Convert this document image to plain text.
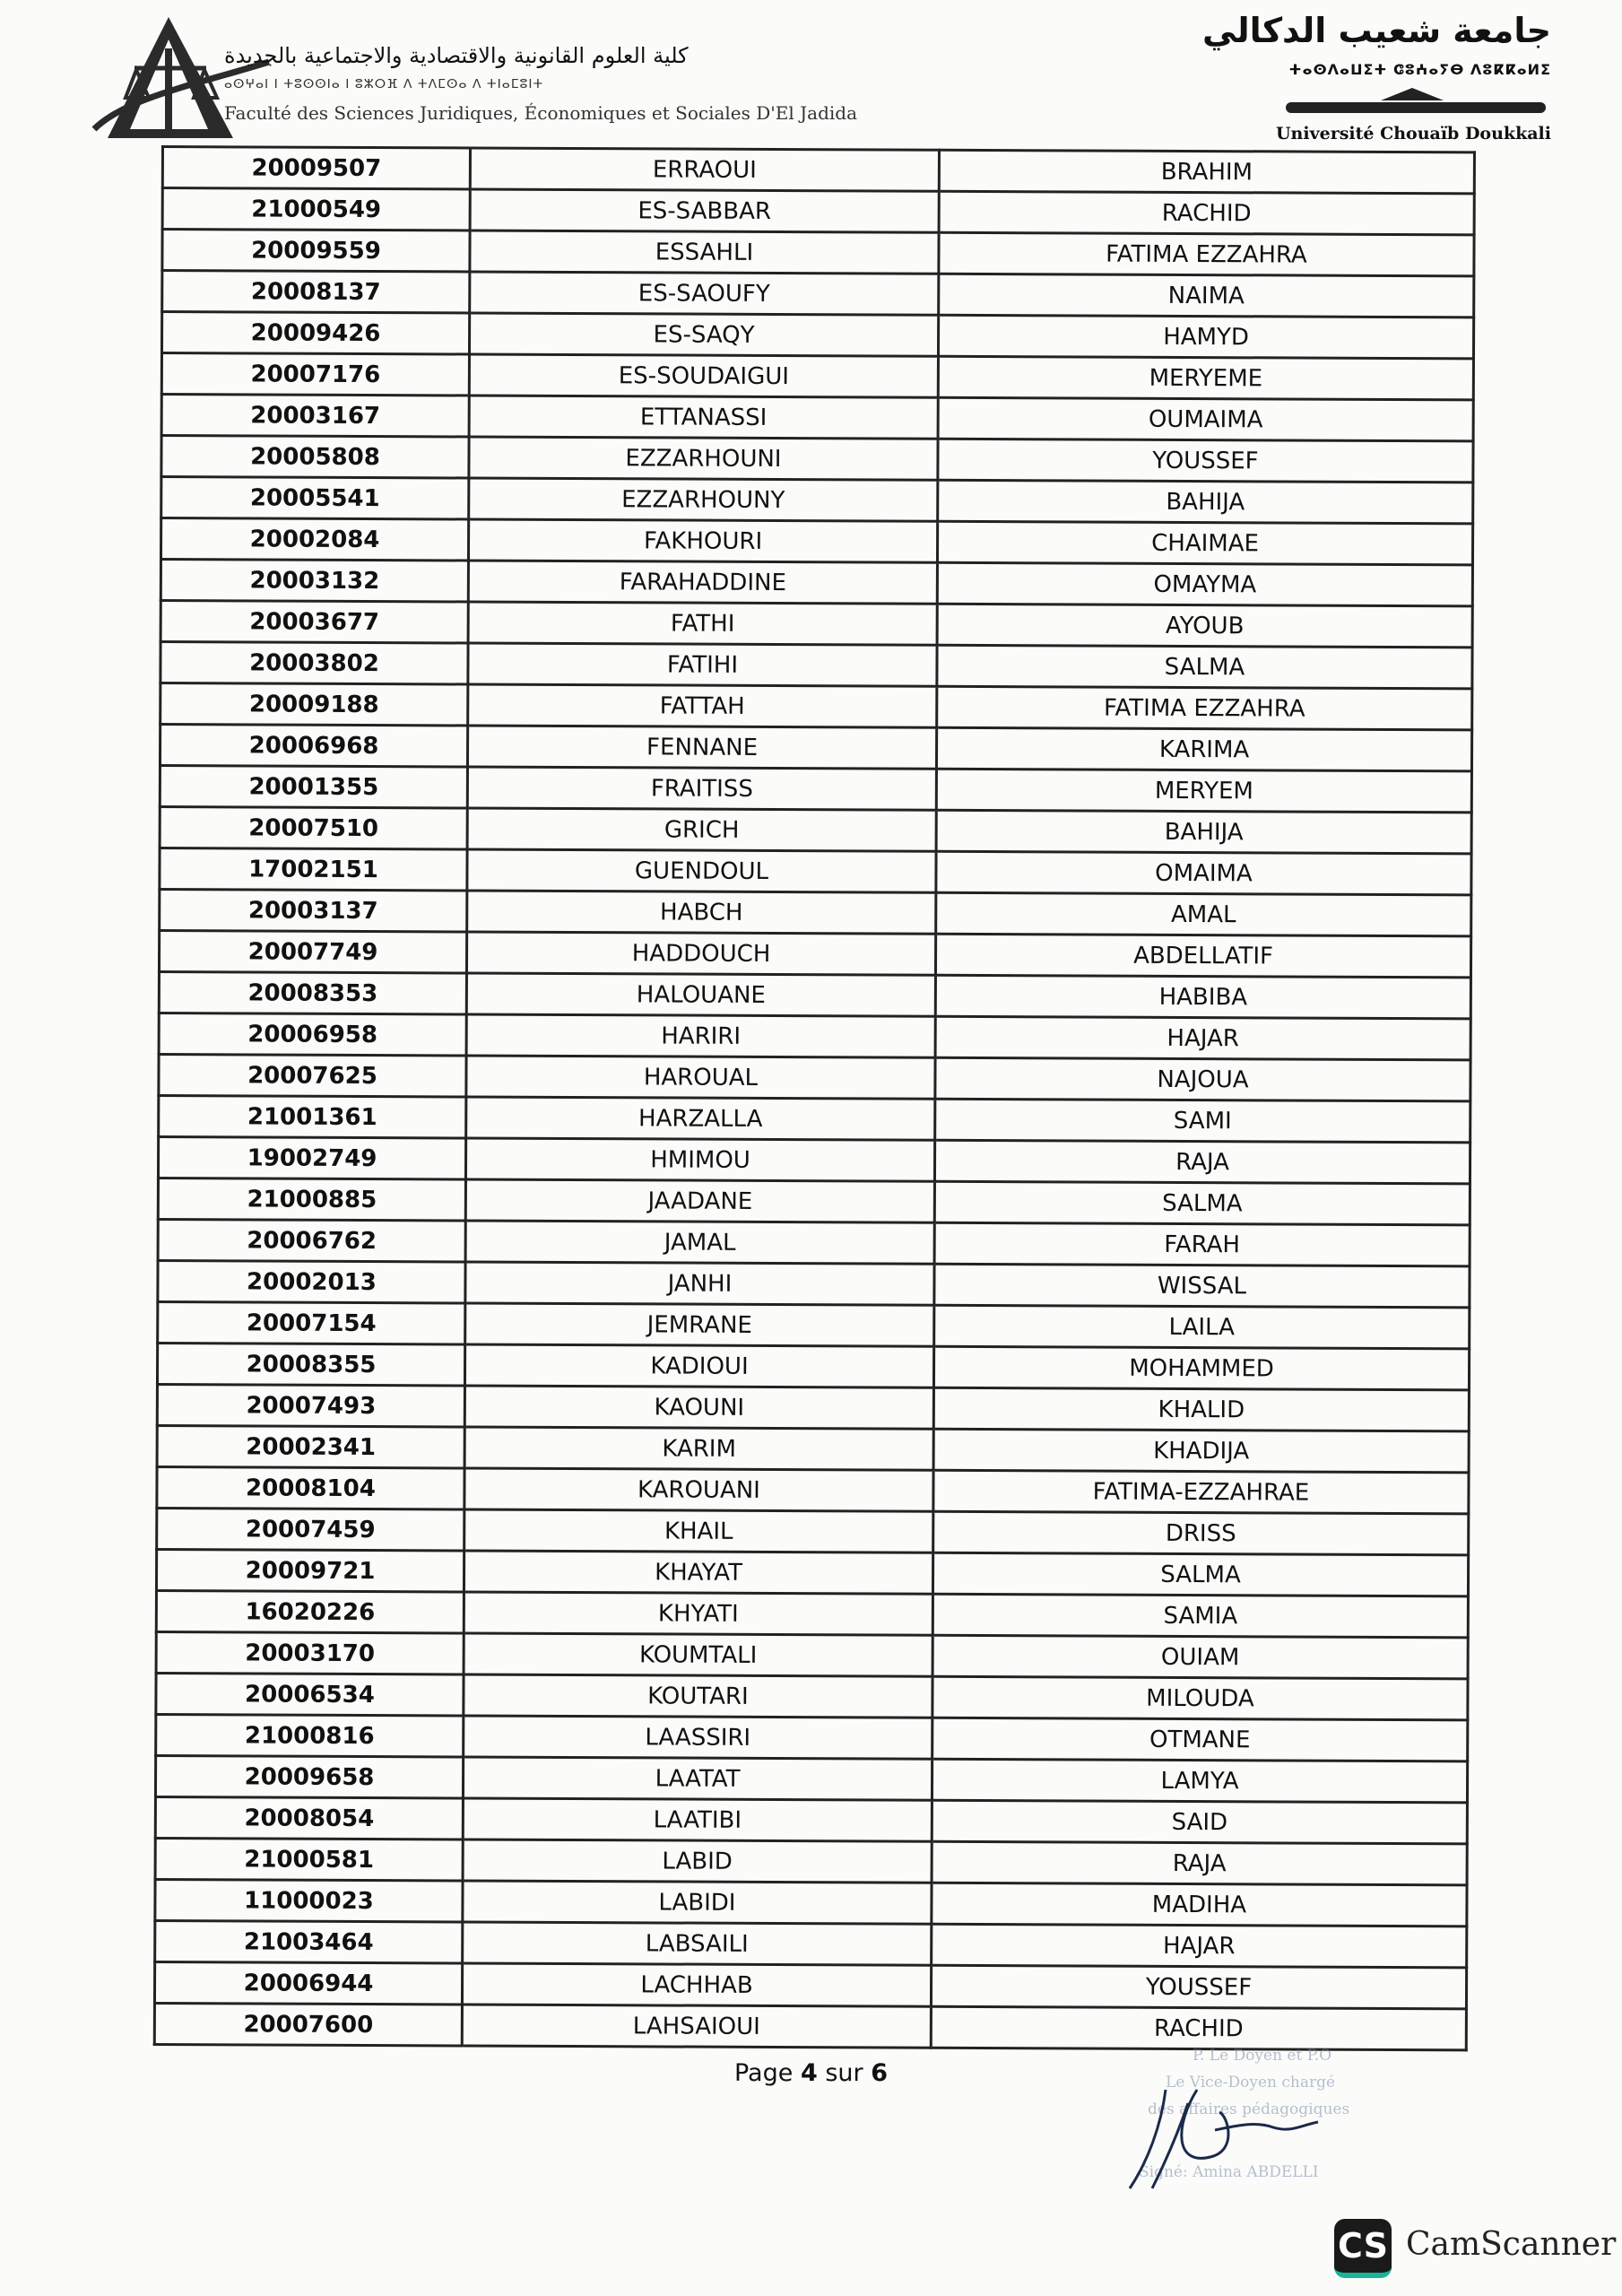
كلية العلوم القانونية والاقتصادية والاجتماعية بالجديدة
ⴰⵙⵖⴰⵏ ⵏ ⵜⵓⵙⵙⵏⴰ ⵏ ⵓⵣⵔⴼ ⴷ ⵜⴷⵎⵙⴰ ⴷ ⵜⵏⴰⵎⵓⵏⵜ
Faculté des Sciences Juridiques, Économiques et Sociales D'El Jadida
جامعة شعيب الدكالي
ⵜⴰⵙⴷⴰⵡⵉⵜ ⵛⵓⵄⴰⵢⴱ ⴷⵓⴽⴽⴰⵍⵉ
Université Chouaïb Doukkali
20009507	ERRAOUI	BRAHIM
21000549	ES-SABBAR	RACHID
20009559	ESSAHLI	FATIMA EZZAHRA
20008137	ES-SAOUFY	NAIMA
20009426	ES-SAQY	HAMYD
20007176	ES-SOUDAIGUI	MERYEME
20003167	ETTANASSI	OUMAIMA
20005808	EZZARHOUNI	YOUSSEF
20005541	EZZARHOUNY	BAHIJA
20002084	FAKHOURI	CHAIMAE
20003132	FARAHADDINE	OMAYMA
20003677	FATHI	AYOUB
20003802	FATIHI	SALMA
20009188	FATTAH	FATIMA EZZAHRA
20006968	FENNANE	KARIMA
20001355	FRAITISS	MERYEM
20007510	GRICH	BAHIJA
17002151	GUENDOUL	OMAIMA
20003137	HABCH	AMAL
20007749	HADDOUCH	ABDELLATIF
20008353	HALOUANE	HABIBA
20006958	HARIRI	HAJAR
20007625	HAROUAL	NAJOUA
21001361	HARZALLA	SAMI
19002749	HMIMOU	RAJA
21000885	JAADANE	SALMA
20006762	JAMAL	FARAH
20002013	JANHI	WISSAL
20007154	JEMRANE	LAILA
20008355	KADIOUI	MOHAMMED
20007493	KAOUNI	KHALID
20002341	KARIM	KHADIJA
20008104	KAROUANI	FATIMA-EZZAHRAE
20007459	KHAIL	DRISS
20009721	KHAYAT	SALMA
16020226	KHYATI	SAMIA
20003170	KOUMTALI	OUIAM
20006534	KOUTARI	MILOUDA
21000816	LAASSIRI	OTMANE
20009658	LAATAT	LAMYA
20008054	LAATIBI	SAID
21000581	LABID	RAJA
11000023	LABIDI	MADIHA
21003464	LABSAILI	HAJAR
20006944	LACHHAB	YOUSSEF
20007600	LAHSAIOUI	RACHID
Page 4 sur 6
P. Le Doyen et P.O
Le Vice-Doyen chargé
des affaires pédagogiques
Signé: Amina ABDELLI
CS CamScanner
